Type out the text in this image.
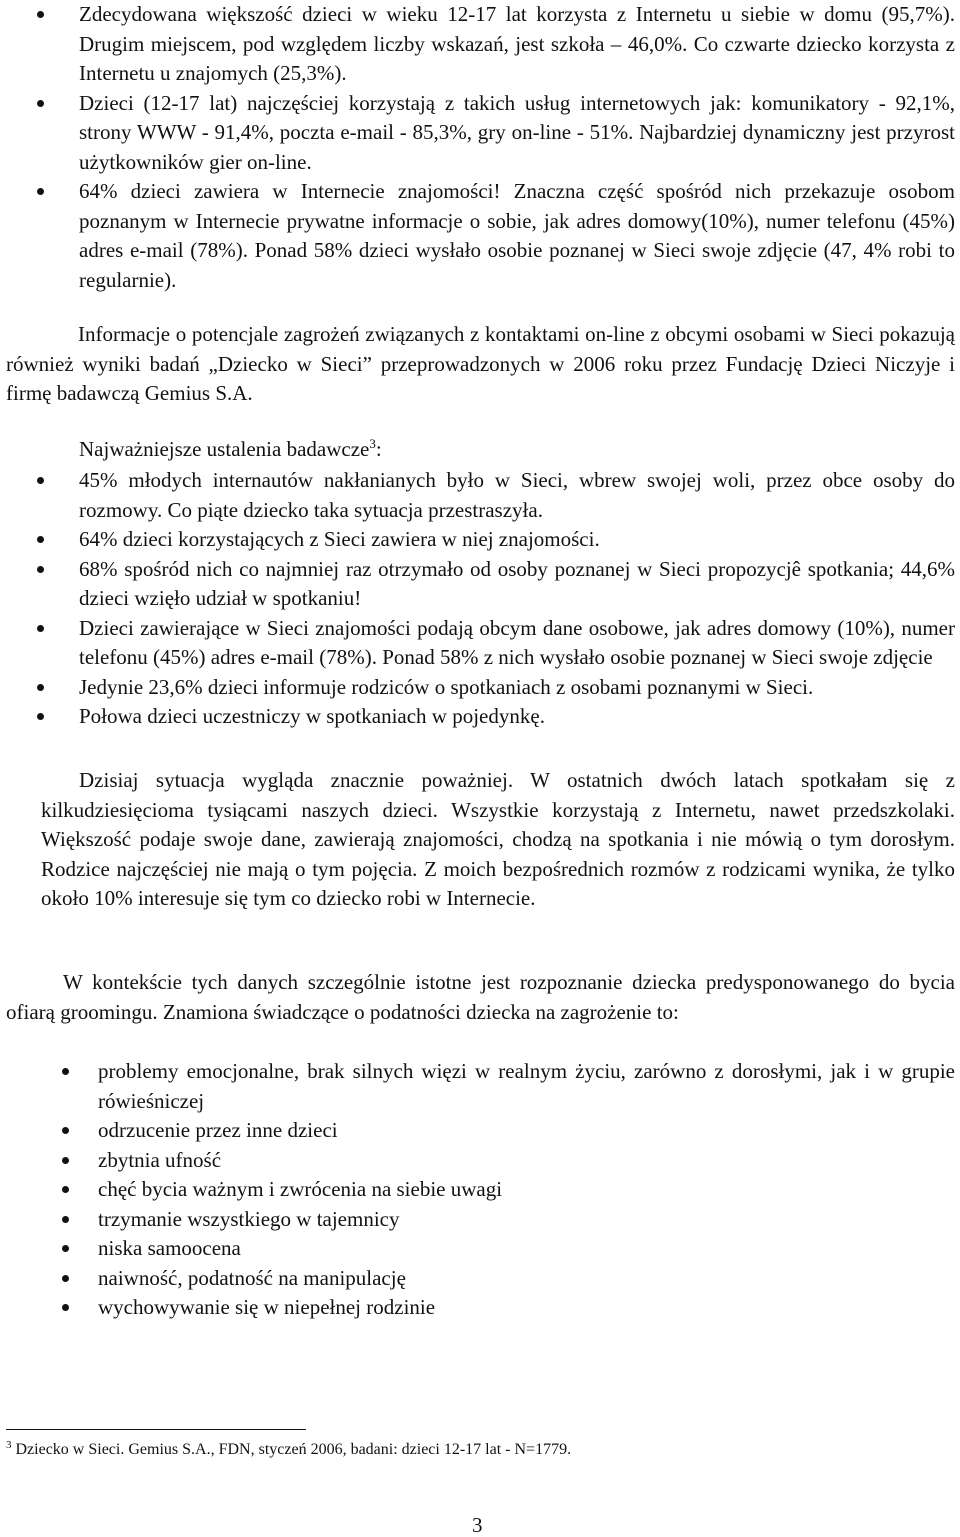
Zdecydowana większość dzieci w wieku 12-17 lat korzysta z Internetu u siebie w domu (95,7%). Drugim miejscem, pod względem liczby wskazań, jest szkoła – 46,0%. Co czwarte dziecko korzysta z Internetu u znajomych (25,3%).
Dzieci (12-17 lat) najczęściej korzystają z takich usług internetowych jak: komunikatory - 92,1%, strony WWW - 91,4%, poczta e-mail - 85,3%, gry on-line - 51%. Najbardziej dynamiczny jest przyrost użytkowników gier on-line.
64% dzieci zawiera w Internecie znajomości! Znaczna część spośród nich przekazuje osobom poznanym w Internecie prywatne informacje o sobie, jak adres domowy(10%), numer telefonu (45%) adres e-mail (78%). Ponad 58% dzieci wysłało osobie poznanej w Sieci swoje zdjęcie (47, 4% robi to regularnie).

Informacje o potencjale zagrożeń związanych z kontaktami on-line z obcymi osobami w Sieci pokazują również wyniki badań „Dziecko w Sieci” przeprowadzonych w 2006 roku przez Fundację Dzieci Niczyje i firmę badawczą Gemius S.A.

Najważniejsze ustalenia badawcze$^3$:
45% młodych internautów nakłanianych było w Sieci, wbrew swojej woli, przez obce osoby do rozmowy. Co piąte dziecko taka sytuacja przestraszyła.
64% dzieci korzystających z Sieci zawiera w niej znajomości.
68% spośród nich co najmniej raz otrzymało od osoby poznanej w Sieci propozycjê spotkania; 44,6% dzieci wzięło udział w spotkaniu!
Dzieci zawierające w Sieci znajomości podają obcym dane osobowe, jak adres domowy (10%), numer telefonu (45%) adres e-mail (78%). Ponad 58% z nich wysłało osobie poznanej w Sieci swoje zdjęcie
Jedynie 23,6% dzieci informuje rodziców o spotkaniach z osobami poznanymi w Sieci.
Połowa dzieci uczestniczy w spotkaniach w pojedynkę.

Dzisiaj sytuacja wygląda znacznie poważniej. W ostatnich dwóch latach spotkałam się z kilkudziesięcioma tysiącami naszych dzieci. Wszystkie korzystają z Internetu, nawet przedszkolaki. Większość podaje swoje dane, zawierają znajomości, chodzą na spotkania i nie mówią o tym dorosłym. Rodzice najczęściej nie mają o tym pojęcia. Z moich bezpośrednich rozmów z rodzicami wynika, że tylko około 10% interesuje się tym co dziecko robi w Internecie.

W kontekście tych danych szczególnie istotne jest rozpoznanie dziecka predysponowanego do bycia ofiarą groomingu. Znamiona świadczące o podatności dziecka na zagrożenie to:

problemy emocjonalne, brak silnych więzi w realnym życiu, zarówno z dorosłymi, jak i w grupie rówieśniczej
odrzucenie przez inne dzieci
zbytnia ufność
chęć bycia ważnym i zwrócenia na siebie uwagi
trzymanie wszystkiego w tajemnicy
niska samoocena
naiwność, podatność na manipulację
wychowywanie się w niepełnej rodzinie
$^3$ Dziecko w Sieci. Gemius S.A., FDN, styczeń 2006, badani: dzieci 12-17 lat - N=1779.
3
